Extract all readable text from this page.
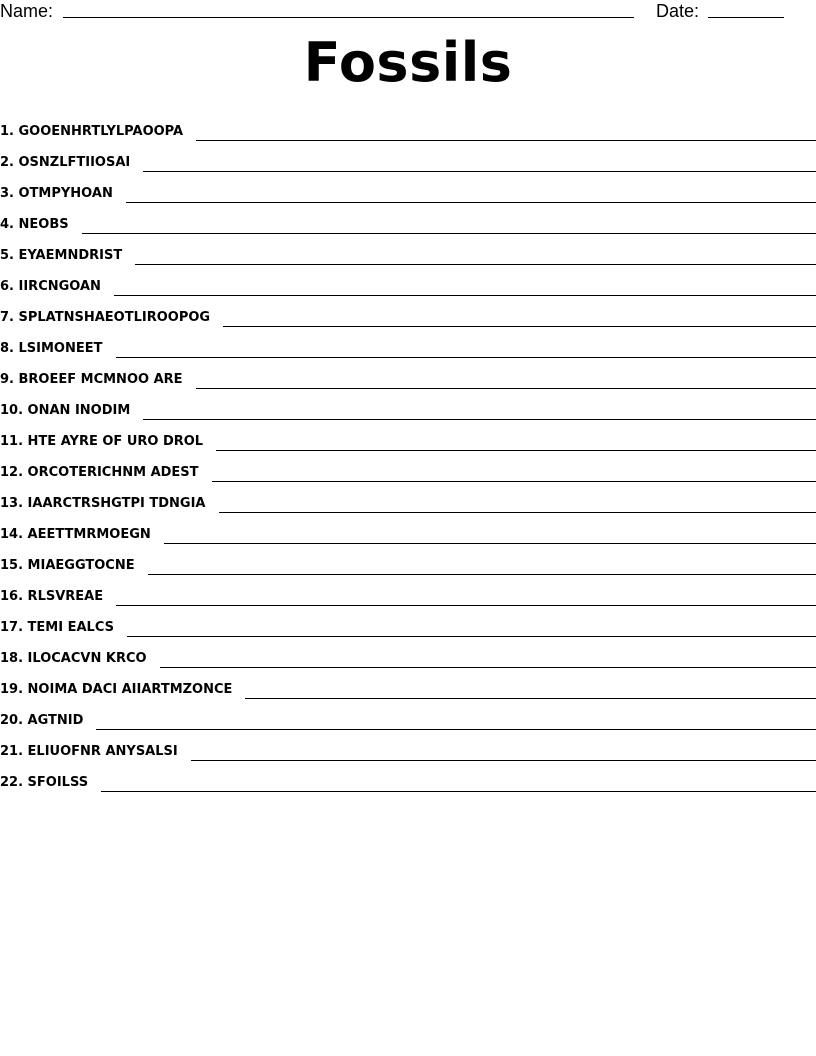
Name:	Date:
Fossils
1. GOOENHRTLYLPAOOPA
2. OSNZLFTIIOSAI
3. OTMPYHOAN
4. NEOBS
5. EYAEMNDRIST
6. IIRCNGOAN
7. SPLATNSHAEOTLIROOPOG
8. LSIMONEET
9. BROEEF MCMNOO ARE
10. ONAN INODIM
11. HTE AYRE OF URO DROL
12. ORCOTERICHNM ADEST
13. IAARCTRSHGTPI TDNGIA
14. AEETTMRMOEGN
15. MIAEGGTOCNE
16. RLSVREAE
17. TEMI EALCS
18. ILOCACVN KRCO
19. NOIMA DACI AIIARTMZONCE
20. AGTNID
21. ELIUOFNR ANYSALSI
22. SFOILSS
